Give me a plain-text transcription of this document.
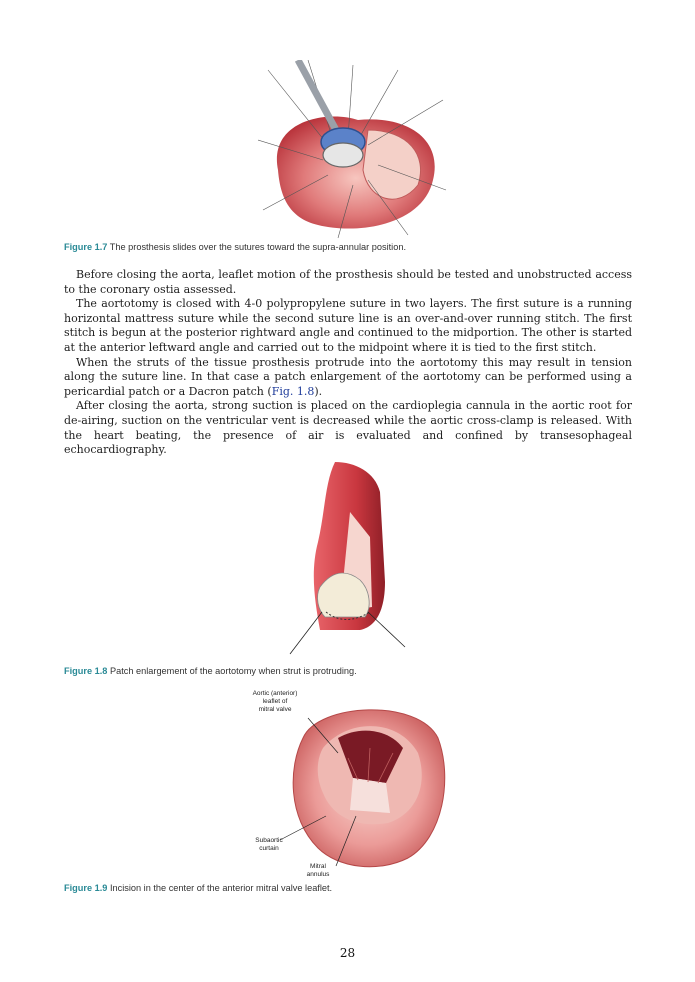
Figure 1.7 The prosthesis slides over the sutures toward the supra-annular position.

Before closing the aorta, leaflet motion of the prosthesis should be tested and unobstructed access to the coronary ostia assessed.

The aortotomy is closed with 4-0 polypropylene suture in two layers. The first suture is a running horizontal mattress suture while the second suture line is an over-and-over running stitch. The first stitch is begun at the posterior rightward angle and continued to the midportion. The other is started at the anterior leftward angle and carried out to the midpoint where it is tied to the first stitch.

When the struts of the tissue prosthesis protrude into the aortotomy this may result in tension along the suture line. In that case a patch enlargement of the aortotomy can be performed using a pericardial patch or a Dacron patch (Fig. 1.8).

After closing the aorta, strong suction is placed on the cardioplegia cannula in the aortic root for de-airing, suction on the ventricular vent is decreased while the aortic cross-clamp is released. With the heart beating, the presence of air is evaluated and confined by transesophageal echocardiography.

Figure 1.8 Patch enlargement of the aortotomy when strut is protruding.
Aortic (anterior)
leaflet of
mitral valve
Subaortic
curtain
Mitral
annulus
Figure 1.9 Incision in the center of the anterior mitral valve leaflet.
28
